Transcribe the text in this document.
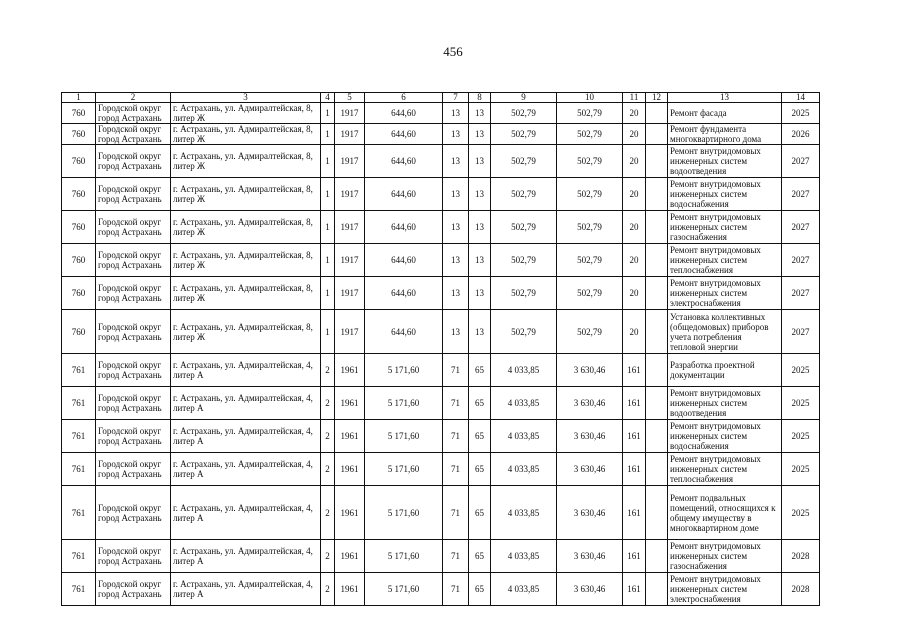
456
1	2	3	4	5	6	7	8	9	10	11	12	13	14
760	Городской округ город Астрахань	г. Астрахань, ул. Адмиралтейская, 8, литер Ж	1	1917	644,60	13	13	502,79	502,79	20		Ремонт фасада	2025
760	Городской округ город Астрахань	г. Астрахань, ул. Адмиралтейская, 8, литер Ж	1	1917	644,60	13	13	502,79	502,79	20		Ремонт фундамента многоквартирного дома	2026
760	Городской округ город Астрахань	г. Астрахань, ул. Адмиралтейская, 8, литер Ж	1	1917	644,60	13	13	502,79	502,79	20		Ремонт внутридомовых инженерных систем водоотведения	2027
760	Городской округ город Астрахань	г. Астрахань, ул. Адмиралтейская, 8, литер Ж	1	1917	644,60	13	13	502,79	502,79	20		Ремонт внутридомовых инженерных систем водоснабжения	2027
760	Городской округ город Астрахань	г. Астрахань, ул. Адмиралтейская, 8, литер Ж	1	1917	644,60	13	13	502,79	502,79	20		Ремонт внутридомовых инженерных систем газоснабжения	2027
760	Городской округ город Астрахань	г. Астрахань, ул. Адмиралтейская, 8, литер Ж	1	1917	644,60	13	13	502,79	502,79	20		Ремонт внутридомовых инженерных систем теплоснабжения	2027
760	Городской округ город Астрахань	г. Астрахань, ул. Адмиралтейская, 8, литер Ж	1	1917	644,60	13	13	502,79	502,79	20		Ремонт внутридомовых инженерных систем электроснабжения	2027
760	Городской округ город Астрахань	г. Астрахань, ул. Адмиралтейская, 8, литер Ж	1	1917	644,60	13	13	502,79	502,79	20		Установка коллективных (общедомовых) приборов учета потребления тепловой энергии	2027
761	Городской округ город Астрахань	г. Астрахань, ул. Адмиралтейская, 4, литер А	2	1961	5 171,60	71	65	4 033,85	3 630,46	161		Разработка проектной документации	2025
761	Городской округ город Астрахань	г. Астрахань, ул. Адмиралтейская, 4, литер А	2	1961	5 171,60	71	65	4 033,85	3 630,46	161		Ремонт внутридомовых инженерных систем водоотведения	2025
761	Городской округ город Астрахань	г. Астрахань, ул. Адмиралтейская, 4, литер А	2	1961	5 171,60	71	65	4 033,85	3 630,46	161		Ремонт внутридомовых инженерных систем водоснабжения	2025
761	Городской округ город Астрахань	г. Астрахань, ул. Адмиралтейская, 4, литер А	2	1961	5 171,60	71	65	4 033,85	3 630,46	161		Ремонт внутридомовых инженерных систем теплоснабжения	2025
761	Городской округ город Астрахань	г. Астрахань, ул. Адмиралтейская, 4, литер А	2	1961	5 171,60	71	65	4 033,85	3 630,46	161		Ремонт подвальных помещений, относящихся к общему имуществу в многоквартирном доме	2025
761	Городской округ город Астрахань	г. Астрахань, ул. Адмиралтейская, 4, литер А	2	1961	5 171,60	71	65	4 033,85	3 630,46	161		Ремонт внутридомовых инженерных систем газоснабжения	2028
761	Городской округ город Астрахань	г. Астрахань, ул. Адмиралтейская, 4, литер А	2	1961	5 171,60	71	65	4 033,85	3 630,46	161		Ремонт внутридомовых инженерных систем электроснабжения	2028
